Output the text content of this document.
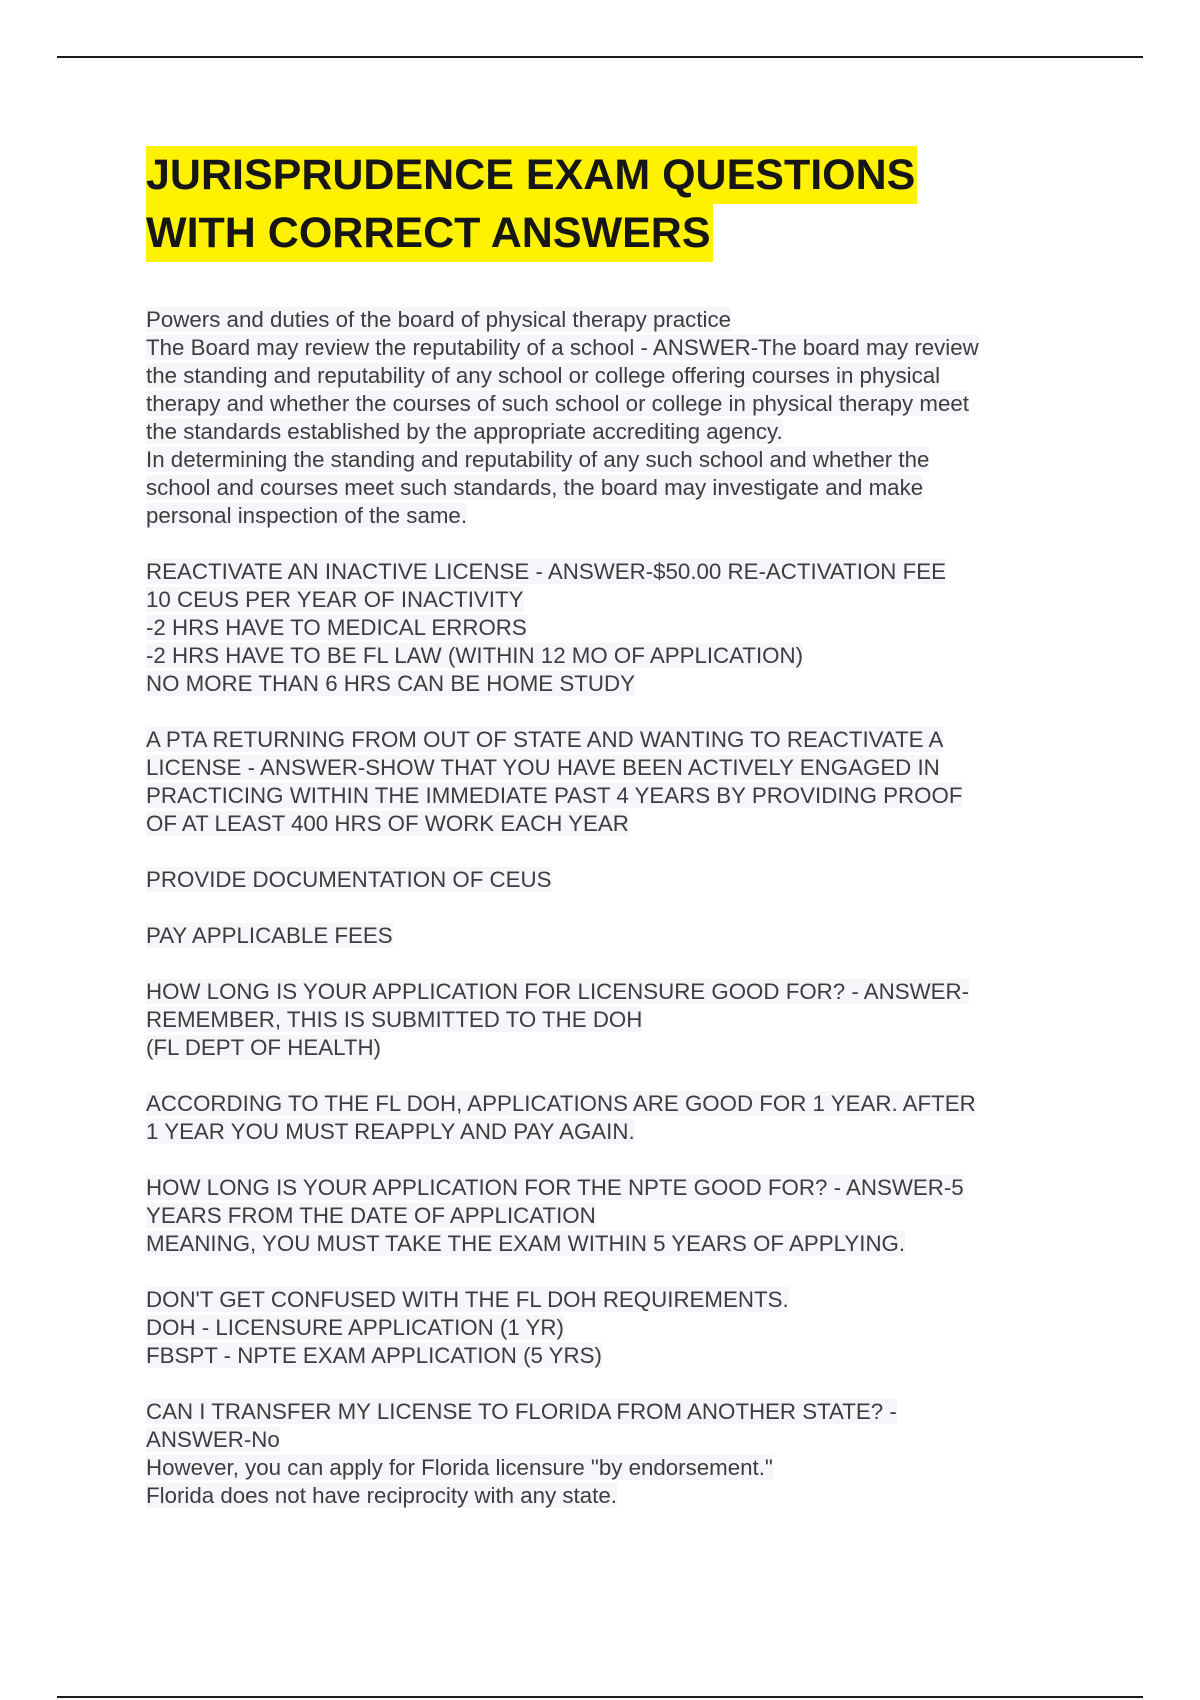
JURISPRUDENCE EXAM QUESTIONS
WITH CORRECT ANSWERS
Powers and duties of the board of physical therapy practice
The Board may review the reputability of a school - ANSWER-The board may review
the standing and reputability of any school or college offering courses in physical
therapy and whether the courses of such school or college in physical therapy meet
the standards established by the appropriate accrediting agency.
In determining the standing and reputability of any such school and whether the
school and courses meet such standards, the board may investigate and make
personal inspection of the same.
REACTIVATE AN INACTIVE LICENSE - ANSWER-$50.00 RE-ACTIVATION FEE
10 CEUS PER YEAR OF INACTIVITY
-2 HRS HAVE TO MEDICAL ERRORS
-2 HRS HAVE TO BE FL LAW (WITHIN 12 MO OF APPLICATION)
NO MORE THAN 6 HRS CAN BE HOME STUDY
A PTA RETURNING FROM OUT OF STATE AND WANTING TO REACTIVATE A
LICENSE - ANSWER-SHOW THAT YOU HAVE BEEN ACTIVELY ENGAGED IN
PRACTICING WITHIN THE IMMEDIATE PAST 4 YEARS BY PROVIDING PROOF
OF AT LEAST 400 HRS OF WORK EACH YEAR
PROVIDE DOCUMENTATION OF CEUS
PAY APPLICABLE FEES
HOW LONG IS YOUR APPLICATION FOR LICENSURE GOOD FOR? - ANSWER-
REMEMBER, THIS IS SUBMITTED TO THE DOH
(FL DEPT OF HEALTH)
ACCORDING TO THE FL DOH, APPLICATIONS ARE GOOD FOR 1 YEAR. AFTER
1 YEAR YOU MUST REAPPLY AND PAY AGAIN.
HOW LONG IS YOUR APPLICATION FOR THE NPTE GOOD FOR? - ANSWER-5
YEARS FROM THE DATE OF APPLICATION
MEANING, YOU MUST TAKE THE EXAM WITHIN 5 YEARS OF APPLYING.
DON'T GET CONFUSED WITH THE FL DOH REQUIREMENTS.
DOH - LICENSURE APPLICATION (1 YR)
FBSPT - NPTE EXAM APPLICATION (5 YRS)
CAN I TRANSFER MY LICENSE TO FLORIDA FROM ANOTHER STATE? -
ANSWER-No
However, you can apply for Florida licensure "by endorsement."
Florida does not have reciprocity with any state.
